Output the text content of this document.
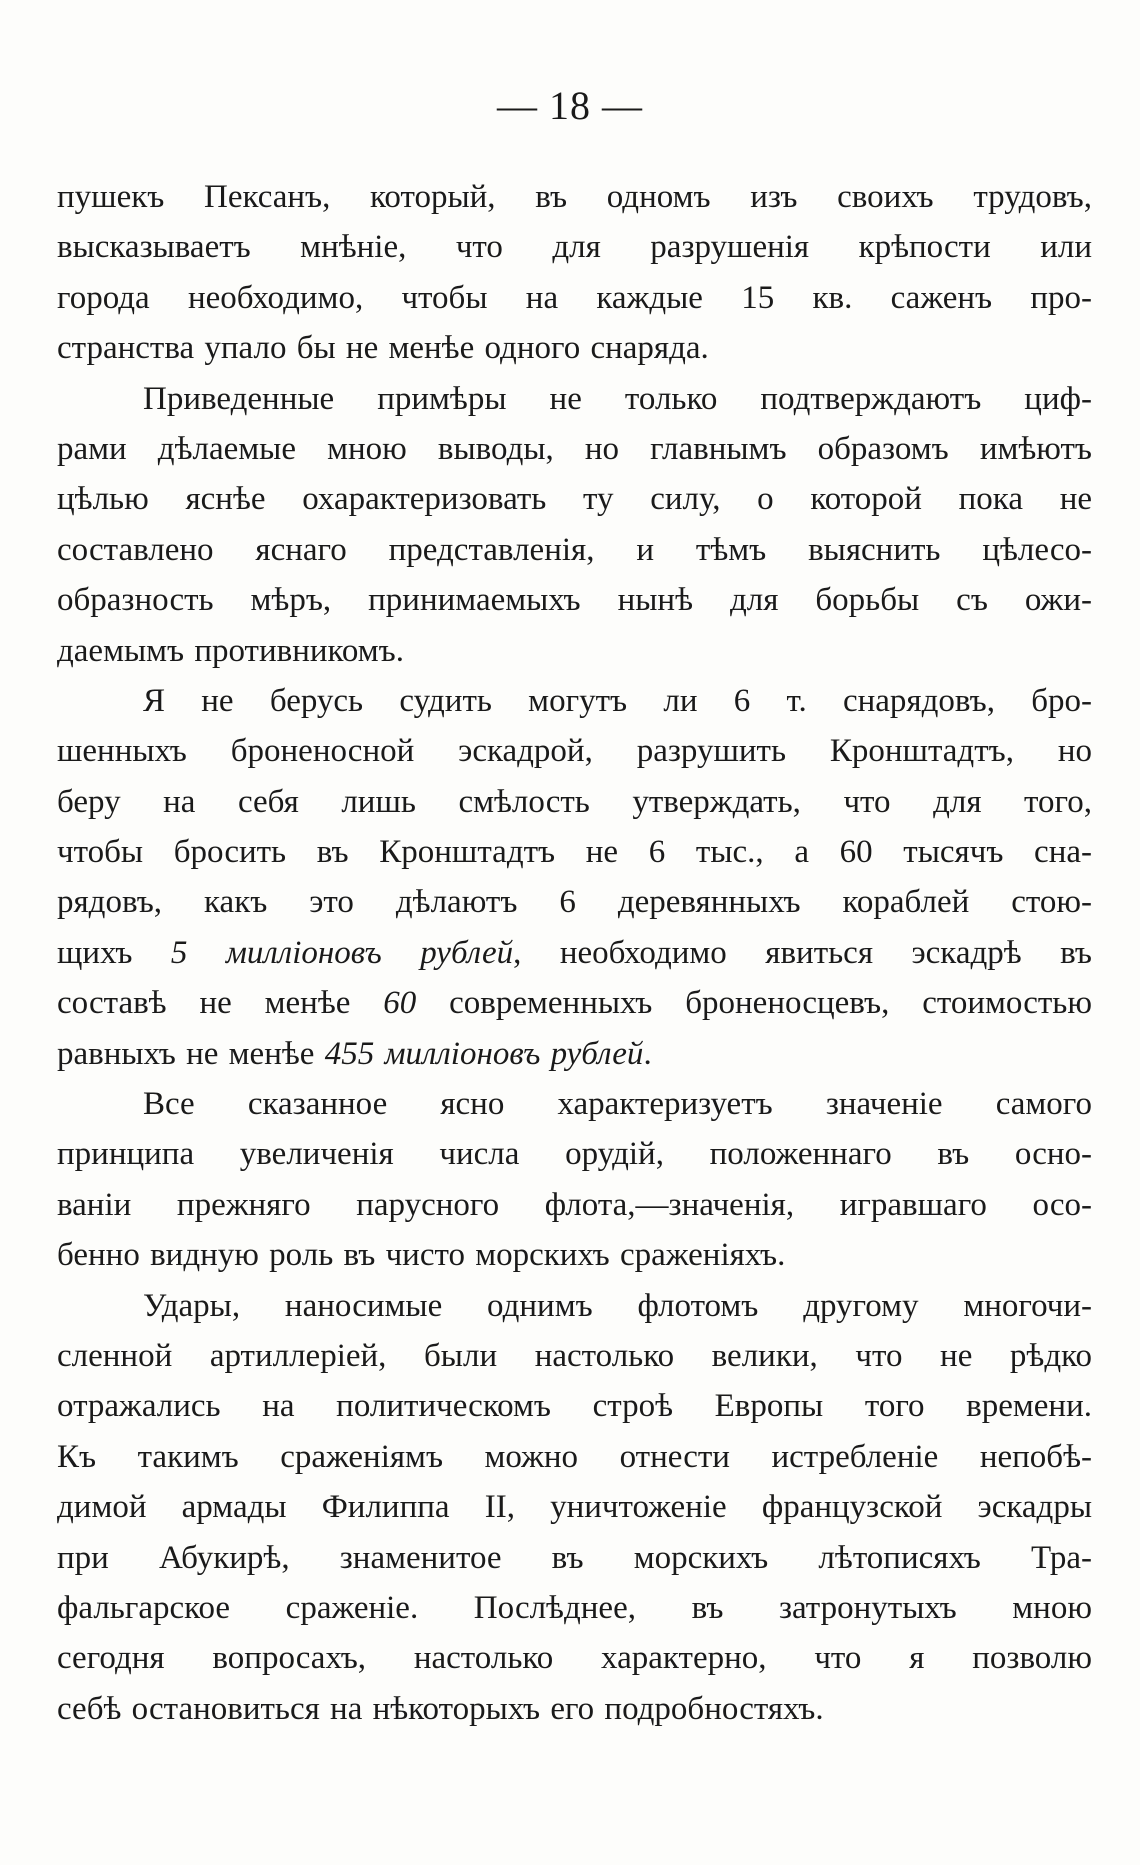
— 18 —
пушекъ Пексанъ, который, въ одномъ изъ своихъ трудовъ,
высказываетъ мнѣніе, что для разрушенія крѣпости или
города необходимо, чтобы на каждые 15 кв. саженъ про-
странства упало бы не менѣе одного снаряда.
Приведенные примѣры не только подтверждаютъ циф-
рами дѣлаемые мною выводы, но главнымъ образомъ имѣютъ
цѣлью яснѣе охарактеризовать ту силу, о которой пока не
составлено яснаго представленія, и тѣмъ выяснить цѣлесо-
образность мѣръ, принимаемыхъ нынѣ для борьбы съ ожи-
даемымъ противникомъ.
Я не берусь судить могутъ ли 6 т. снарядовъ, бро-
шенныхъ броненосной эскадрой, разрушить Кронштадтъ, но
беру на себя лишь смѣлость утверждать, что для того,
чтобы бросить въ Кронштадтъ не 6 тыс., а 60 тысячъ сна-
рядовъ, какъ это дѣлаютъ 6 деревянныхъ кораблей стою-
щихъ 5 милліоновъ рублей, необходимо явиться эскадрѣ въ
составѣ не менѣе 60 современныхъ броненосцевъ, стоимостью
равныхъ не менѣе 455 милліоновъ рублей.
Все сказанное ясно характеризуетъ значеніе самого
принципа увеличенія числа орудій, положеннаго въ осно-
ваніи прежняго парусного флота,—значенія, игравшаго осо-
бенно видную роль въ чисто морскихъ сраженіяхъ.
Удары, наносимые однимъ флотомъ другому многочи-
сленной артиллеріей, были настолько велики, что не рѣдко
отражались на политическомъ строѣ Европы того времени.
Къ такимъ сраженіямъ можно отнести истребленіе непобѣ-
димой армады Филиппа II, уничтоженіе французской эскадры
при Абукирѣ, знаменитое въ морскихъ лѣтописяхъ Тра-
фальгарское сраженіе. Послѣднее, въ затронутыхъ мною
сегодня вопросахъ, настолько характерно, что я позволю
себѣ остановиться на нѣкоторыхъ его подробностяхъ.
